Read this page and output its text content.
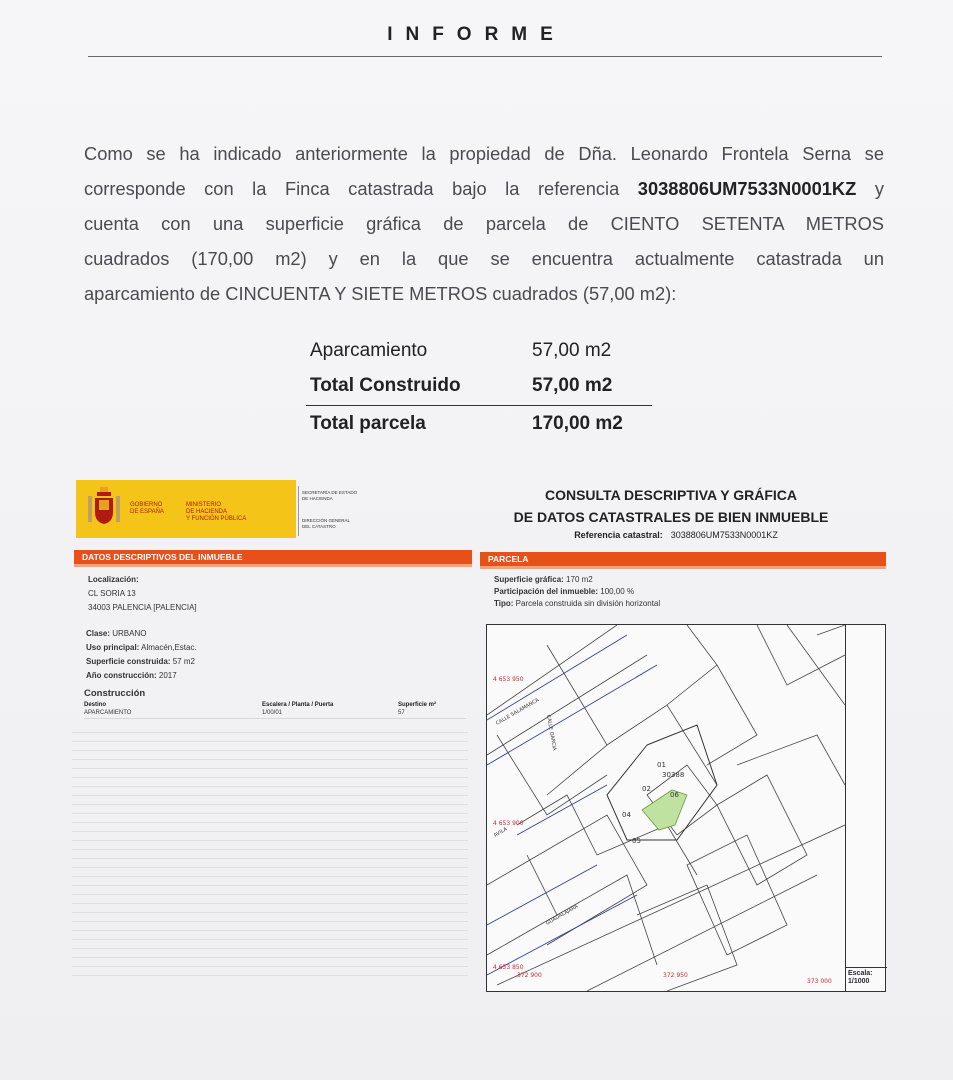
INFORME
Como se ha indicado anteriormente la propiedad de Dña. Leonardo Frontela Serna se
corresponde con la Finca catastrada bajo la referencia 3038806UM7533N0001KZ y
cuenta con una superficie gráfica de parcela de CIENTO SETENTA METROS
cuadrados (170,00 m2) y en la que se encuentra actualmente catastrada un
aparcamiento de CINCUENTA Y SIETE METROS cuadrados (57,00 m2):
Aparcamiento	57,00 m2
Total Construido	57,00 m2
Total parcela	170,00 m2
GOBIERNO
DE ESPAÑA
MINISTERIO
DE HACIENDA
Y FUNCIÓN PÚBLICA
SECRETARÍA DE ESTADO
DE HACIENDA
DIRECCIÓN GENERAL
DEL CATASTRO
CONSULTA DESCRIPTIVA Y GRÁFICA
DE DATOS CATASTRALES DE BIEN INMUEBLE
Referencia catastral: 3038806UM7533N0001KZ
DATOS DESCRIPTIVOS DEL INMUEBLE	PARCELA
Localización:
CL SORIA 13
34003 PALENCIA [PALENCIA]
Clase: URBANO
Uso principal: Almacén,Estac.
Superficie construida: 57 m2
Año construcción: 2017
Construcción
Destino	Escalera / Planta / Puerta	Superficie m²
APARCAMIENTO	1/00/01	57
Superficie gráfica: 170 m2
Participación del inmueble: 100,00 %
Tipo: Parcela construida sin división horizontal
01
02
30388
04
05
06
4 653 950
4 653 900
4 653 850
372 900	372 950
373 000
CALLE SALAMANCA
CALLE GARCIA
AVILA
GUADALAJARA
Escala:
1/1000
